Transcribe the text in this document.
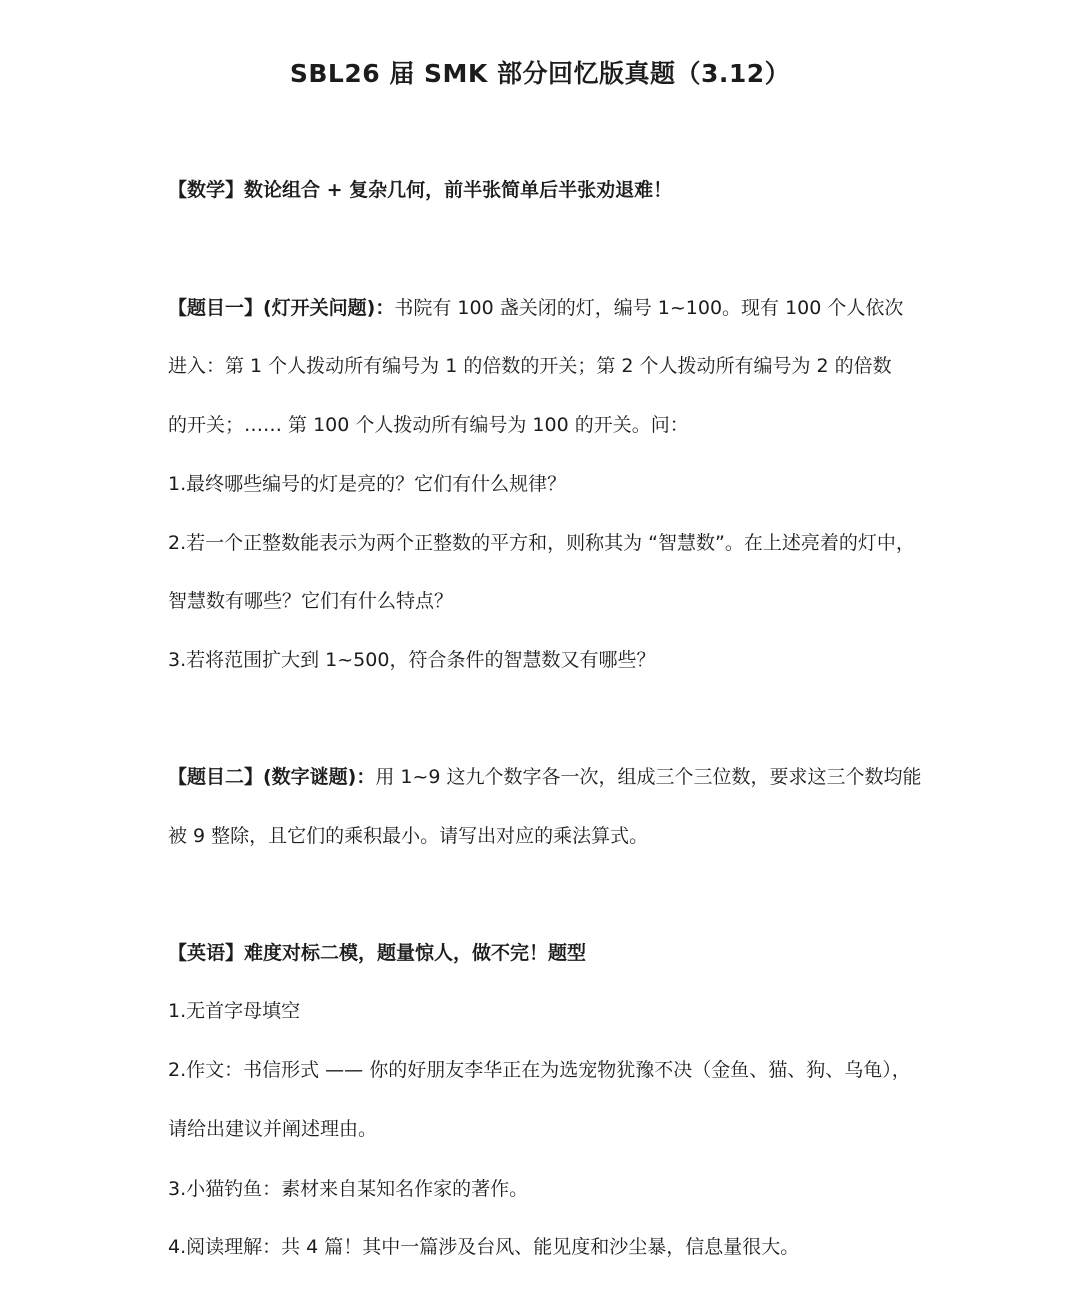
SBL26 届 SMK 部分回忆版真题（3.12）
【数学】数论组合 + 复杂几何，前半张简单后半张劝退难！
【题目一】(灯开关问题)：书院有 100 盏关闭的灯，编号 1~100。现有 100 个人依次
进入：第 1 个人拨动所有编号为 1 的倍数的开关；第 2 个人拨动所有编号为 2 的倍数
的开关；…… 第 100 个人拨动所有编号为 100 的开关。问：
1.最终哪些编号的灯是亮的？它们有什么规律？
2.若一个正整数能表示为两个正整数的平方和，则称其为 “智慧数”。在上述亮着的灯中，
智慧数有哪些？它们有什么特点？
3.若将范围扩大到 1~500，符合条件的智慧数又有哪些？
【题目二】(数字谜题)：用 1~9 这九个数字各一次，组成三个三位数，要求这三个数均能
被 9 整除，且它们的乘积最小。请写出对应的乘法算式。
【英语】难度对标二模，题量惊人，做不完！题型
1.无首字母填空
2.作文：书信形式 —— 你的好朋友李华正在为选宠物犹豫不决（金鱼、猫、狗、乌龟），
请给出建议并阐述理由。
3.小猫钓鱼：素材来自某知名作家的著作。
4.阅读理解：共 4 篇！其中一篇涉及台风、能见度和沙尘暴，信息量很大。
